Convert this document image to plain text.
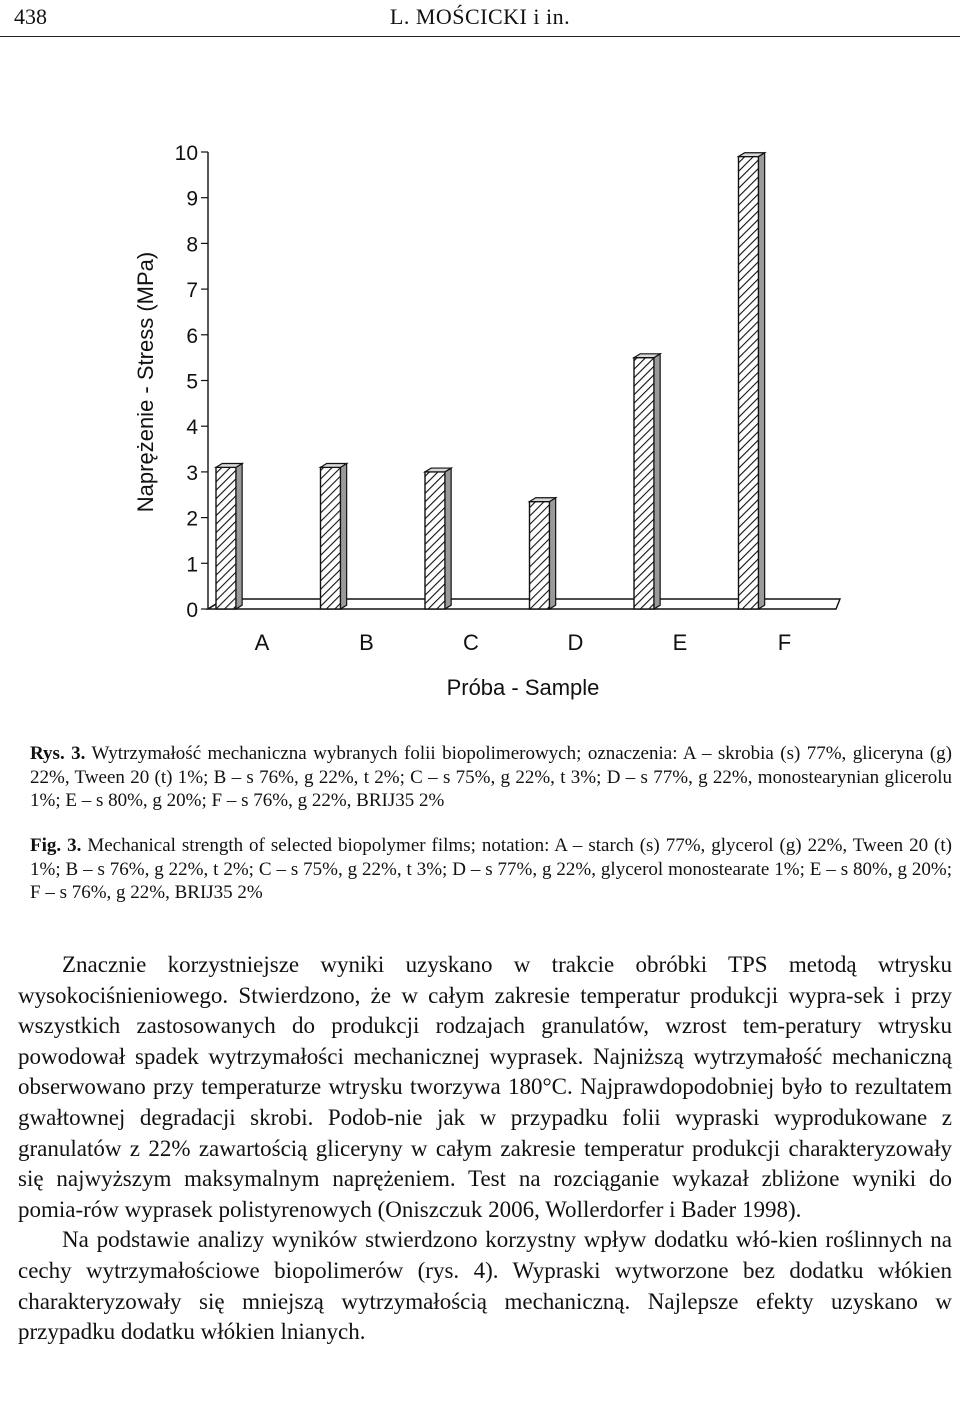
438	L. MOŚCICKI i in.
0
1
2
3
4
5
6
7
8
9
10
A	B	C	D	E	F
Naprężenie - Stress (MPa)
Próba - Sample
Rys. 3. Wytrzymałość mechaniczna wybranych folii biopolimerowych; oznaczenia: A – skrobia (s) 77%, gliceryna (g) 22%, Tween 20 (t) 1%; B – s 76%, g 22%, t 2%; C – s 75%, g 22%, t 3%; D – s 77%, g 22%, monostearynian glicerolu 1%; E – s 80%, g 20%; F – s 76%, g 22%, BRIJ35 2%
Fig. 3. Mechanical strength of selected biopolymer films; notation: A – starch (s) 77%, glycerol (g) 22%, Tween 20 (t) 1%; B – s 76%, g 22%, t 2%; C – s 75%, g 22%, t 3%; D – s 77%, g 22%, glycerol monostearate 1%; E – s 80%, g 20%; F – s 76%, g 22%, BRIJ35 2%

Znacznie korzystniejsze wyniki uzyskano w trakcie obróbki TPS metodą wtrysku wysokociśnieniowego. Stwierdzono, że w całym zakresie temperatur produkcji wypra-sek i przy wszystkich zastosowanych do produkcji rodzajach granulatów, wzrost tem-peratury wtrysku powodował spadek wytrzymałości mechanicznej wyprasek. Najniższą wytrzymałość mechaniczną obserwowano przy temperaturze wtrysku tworzywa 180°C. Najprawdopodobniej było to rezultatem gwałtownej degradacji skrobi. Podob-nie jak w przypadku folii wypraski wyprodukowane z granulatów z 22% zawartością gliceryny w całym zakresie temperatur produkcji charakteryzowały się najwyższym maksymalnym naprężeniem. Test na rozciąganie wykazał zbliżone wyniki do pomia-rów wyprasek polistyrenowych (Oniszczuk 2006, Wollerdorfer i Bader 1998).

Na podstawie analizy wyników stwierdzono korzystny wpływ dodatku włó-kien roślinnych na cechy wytrzymałościowe biopolimerów (rys. 4). Wypraski wytworzone bez dodatku włókien charakteryzowały się mniejszą wytrzymałością mechaniczną. Najlepsze efekty uzyskano w przypadku dodatku włókien lnianych.
